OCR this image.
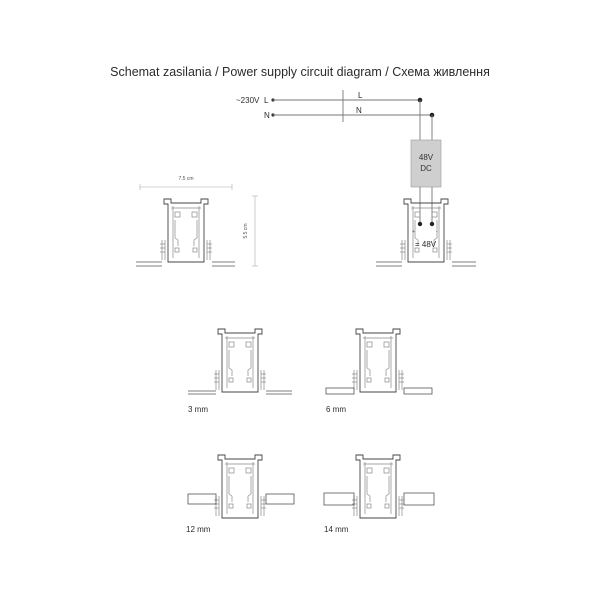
Schemat zasilania / Power supply circuit diagram / Схема живлення
~230V L
N
L
N
48V
DC
7.5 cm
5.5 cm	+	-
= 48V
3 mm	6 mm
12 mm	14 mm
